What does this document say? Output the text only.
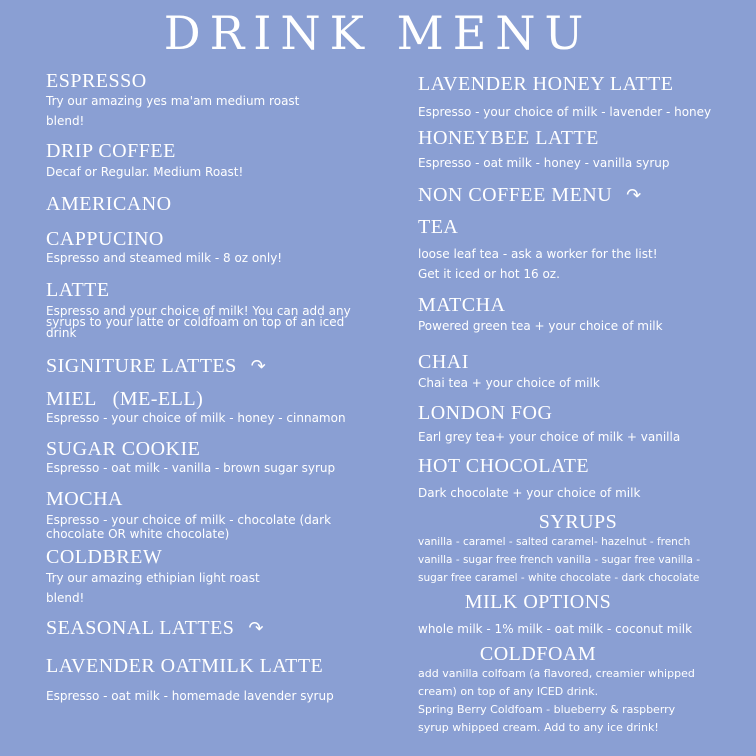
DRINK MENU
ESPRESSO
Try our amazing yes ma'am medium roast
blend!
DRIP COFFEE
Decaf or Regular. Medium Roast!
AMERICANO
CAPPUCINO
Espresso and steamed milk - 8 oz only!
LATTE
Espresso and your choice of milk! You can add any
syrups to your latte or coldfoam on top of an iced
drink
SIGNITURE LATTES ↷
MIEL   (ME-ELL)
Espresso - your choice of milk - honey - cinnamon
SUGAR COOKIE
Espresso - oat milk - vanilla - brown sugar syrup
MOCHA
Espresso - your choice of milk - chocolate (dark
chocolate OR white chocolate)
COLDBREW
Try our amazing ethipian light roast
blend!
SEASONAL LATTES ↷
LAVENDER OATMILK LATTE
Espresso - oat milk - homemade lavender syrup
LAVENDER HONEY LATTE
Espresso - your choice of milk - lavender - honey
HONEYBEE LATTE
Espresso - oat milk - honey - vanilla syrup
NON COFFEE MENU ↷
TEA
loose leaf tea - ask a worker for the list!
Get it iced or hot 16 oz.
MATCHA
Powered green tea + your choice of milk
CHAI
Chai tea + your choice of milk
LONDON FOG
Earl grey tea+ your choice of milk + vanilla
HOT CHOCOLATE
Dark chocolate + your choice of milk
SYRUPS
vanilla - caramel - salted caramel- hazelnut - french
vanilla - sugar free french vanilla - sugar free vanilla -
sugar free caramel - white chocolate - dark chocolate
MILK OPTIONS
whole milk - 1% milk - oat milk - coconut milk
COLDFOAM
add vanilla colfoam (a flavored, creamier whipped
cream) on top of any ICED drink.
Spring Berry Coldfoam - blueberry & raspberry
syrup whipped cream. Add to any ice drink!
